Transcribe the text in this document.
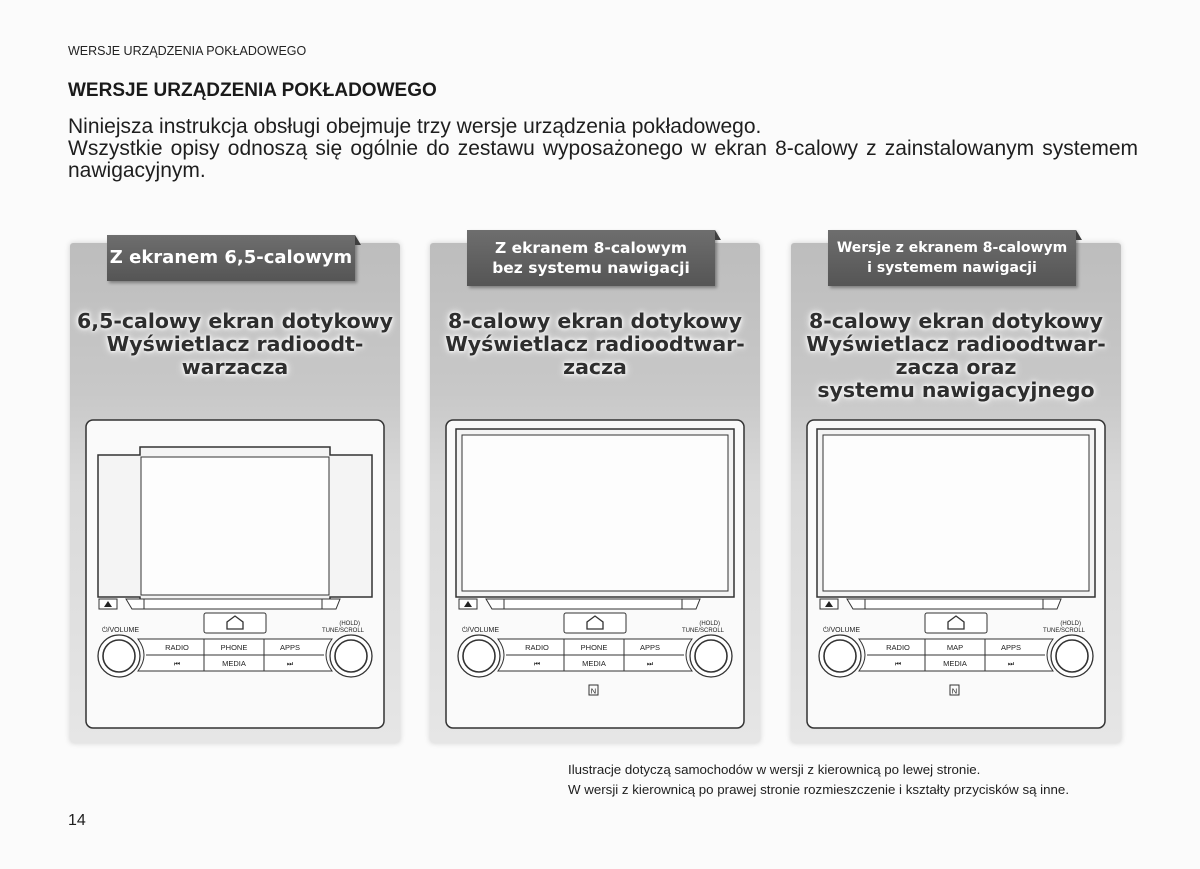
WERSJE URZĄDZENIA POKŁADOWEGO
WERSJE URZĄDZENIA POKŁADOWEGO

Niniejsza instrukcja obsługi obejmuje trzy wersje urządzenia pokładowego.

Wszystkie opisy odnoszą się ogólnie do zestawu wyposażonego w ekran 8-calowy z zainstalowanym systemem nawigacyjnym.

Z ekranem 6,5-calowym
6,5-calowy ekran dotykowy
Wyświetlacz radioodt-
warzacza
⏻/VOLUME
(HOLD)
TUNE/SCROLL
RADIO	PHONE	APPS
⏮	MEDIA	⏭
Z ekranem 8-calowym
bez systemu nawigacji
8-calowy ekran dotykowy
Wyświetlacz radioodtwar-
zacza
⏻/VOLUME
(HOLD)
TUNE/SCROLL
RADIO	PHONE	APPS
⏮	MEDIA	⏭
N
Wersje z ekranem 8-calowym
i systemem nawigacji
8-calowy ekran dotykowy
Wyświetlacz radioodtwar-
zacza oraz
systemu nawigacyjnego
⏻/VOLUME
(HOLD)
TUNE/SCROLL
RADIO	MAP	APPS
⏮	MEDIA	⏭
N
Ilustracje dotyczą samochodów w wersji z kierownicą po lewej stronie.
W wersji z kierownicą po prawej stronie rozmieszczenie i kształty przycisków są inne.
14
